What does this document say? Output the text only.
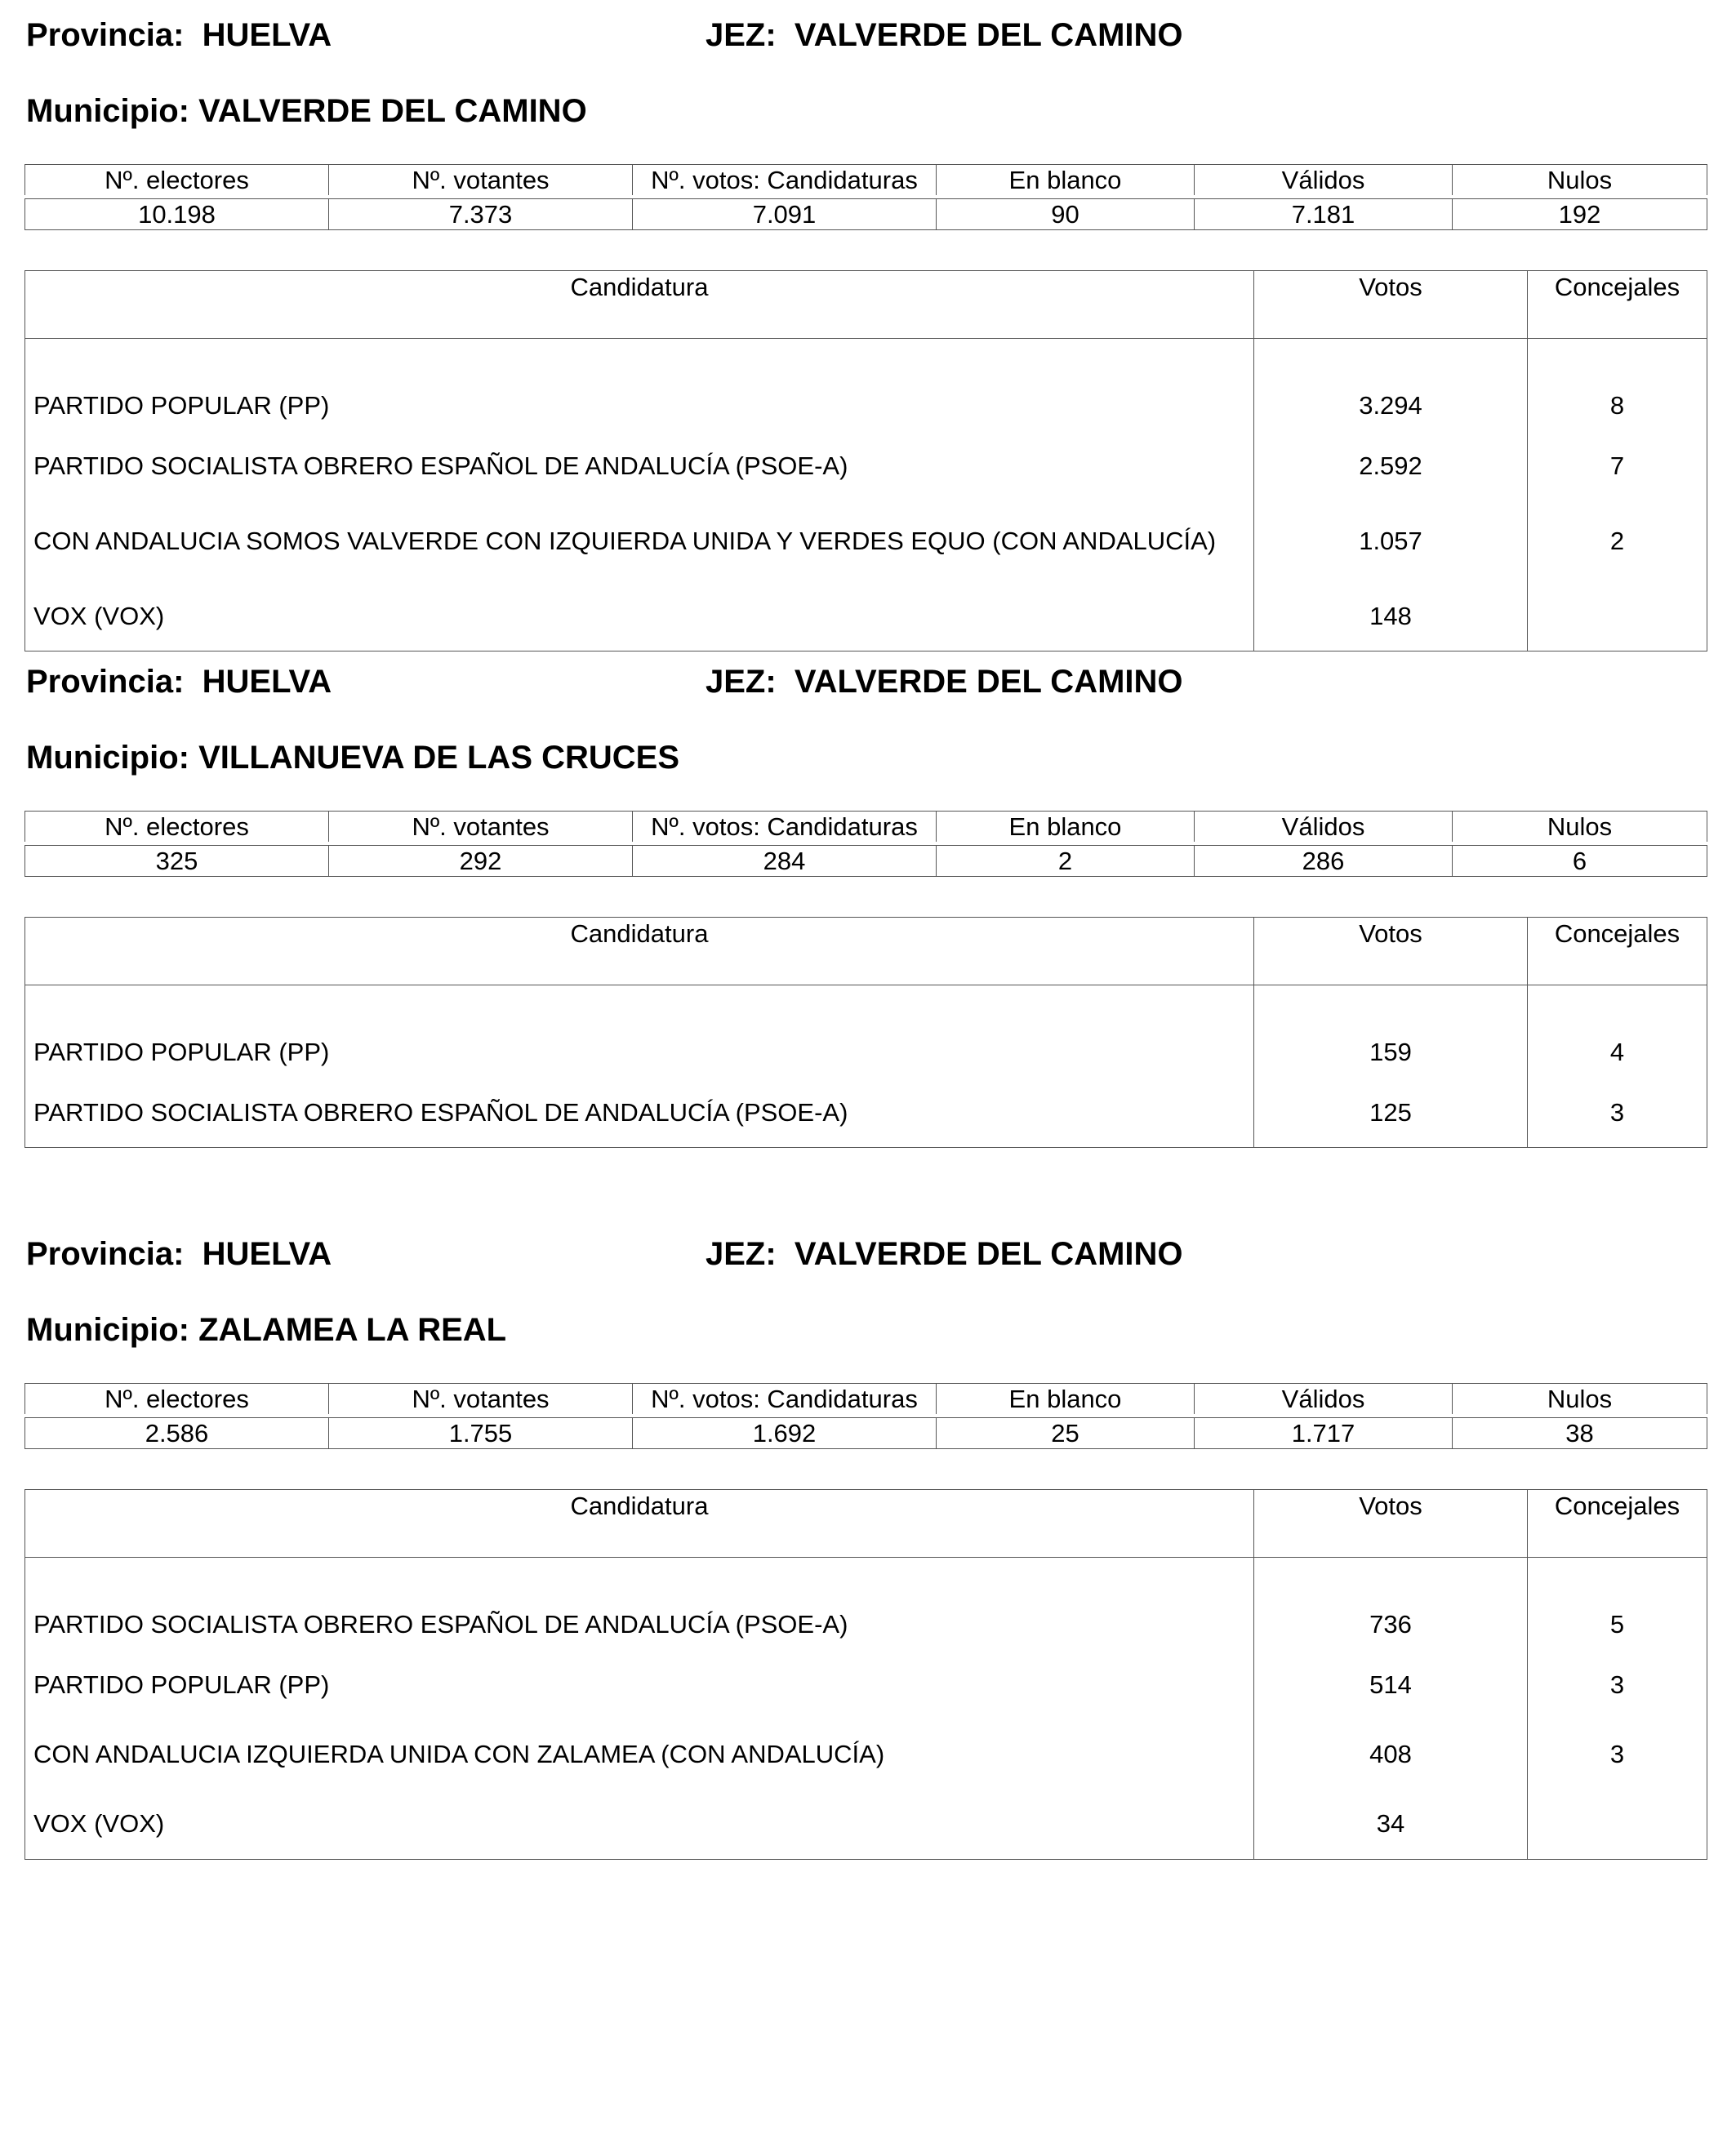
Provincia: HUELVA	JEZ: VALVERDE DEL CAMINO
Municipio: VALVERDE DEL CAMINO
Nº. electores	Nº. votantes	Nº. votos: Candidaturas	En blanco	Válidos	Nulos

10.198	7.373	7.091	90	7.181	192
Candidatura	Votos	Concejales
PARTIDO POPULAR (PP)	3.294	8
PARTIDO SOCIALISTA OBRERO ESPAÑOL DE ANDALUCÍA (PSOE-A)	2.592	7
CON ANDALUCIA SOMOS VALVERDE CON IZQUIERDA UNIDA Y VERDES EQUO (CON ANDALUCÍA)	1.057	2
VOX (VOX)	148	
Provincia: HUELVA	JEZ: VALVERDE DEL CAMINO
Municipio: VILLANUEVA DE LAS CRUCES
Nº. electores	Nº. votantes	Nº. votos: Candidaturas	En blanco	Válidos	Nulos

325	292	284	2	286	6
Candidatura	Votos	Concejales
PARTIDO POPULAR (PP)	159	4
PARTIDO SOCIALISTA OBRERO ESPAÑOL DE ANDALUCÍA (PSOE-A)	125	3
Provincia: HUELVA	JEZ: VALVERDE DEL CAMINO
Municipio: ZALAMEA LA REAL
Nº. electores	Nº. votantes	Nº. votos: Candidaturas	En blanco	Válidos	Nulos

2.586	1.755	1.692	25	1.717	38
Candidatura	Votos	Concejales
PARTIDO SOCIALISTA OBRERO ESPAÑOL DE ANDALUCÍA (PSOE-A)	736	5
PARTIDO POPULAR (PP)	514	3
CON ANDALUCIA IZQUIERDA UNIDA CON ZALAMEA (CON ANDALUCÍA)	408	3
VOX (VOX)	34	
